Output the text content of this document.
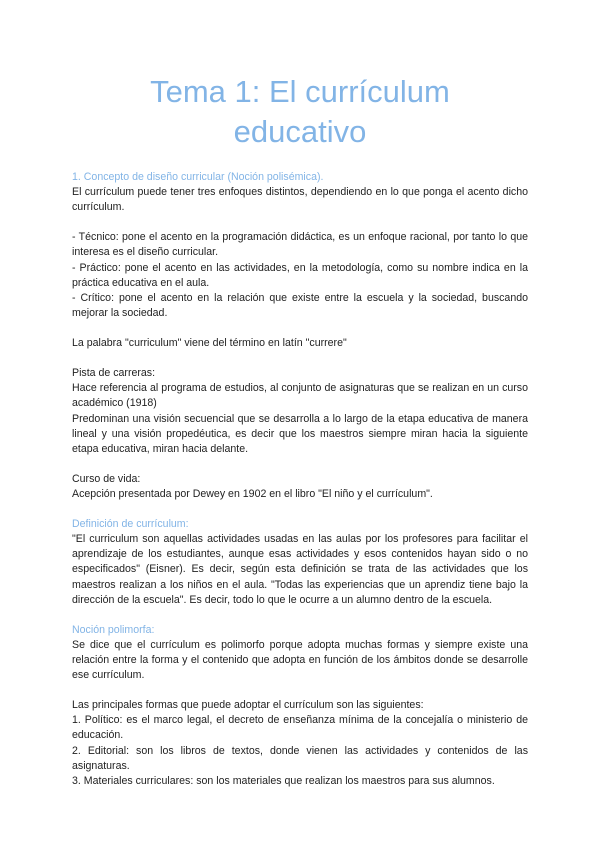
Tema 1: El currículum
educativo

1. Concepto de diseño curricular (Noción polisémica).

El currículum puede tener tres enfoques distintos, dependiendo en lo que ponga el acento dicho currículum.

- Técnico: pone el acento en la programación didáctica, es un enfoque racional, por tanto lo que interesa es el diseño curricular.

- Práctico: pone el acento en las actividades, en la metodología, como su nombre indica en la práctica educativa en el aula.

- Crítico: pone el acento en la relación que existe entre la escuela y la sociedad, buscando mejorar la sociedad.

La palabra "curriculum" viene del término en latín "currere"

Pista de carreras:

Hace referencia al programa de estudios, al conjunto de asignaturas que se realizan en un curso académico (1918)

Predominan una visión secuencial que se desarrolla a lo largo de la etapa educativa de manera lineal y una visión propedéutica, es decir que los maestros siempre miran hacia la siguiente etapa educativa, miran hacia delante.

Curso de vida:

Acepción presentada por Dewey en 1902 en el libro "El niño y el currículum".

Definición de currículum:

"El curriculum son aquellas actividades usadas en las aulas por los profesores para facilitar el aprendizaje de los estudiantes, aunque esas actividades y esos contenidos hayan sido o no especificados" (Eisner). Es decir, según esta definición se trata de las actividades que los maestros realizan a los niños en el aula. "Todas las experiencias que un aprendiz tiene bajo la dirección de la escuela". Es decir, todo lo que le ocurre a un alumno dentro de la escuela.

Noción polimorfa:

Se dice que el currículum es polimorfo porque adopta muchas formas y siempre existe una relación entre la forma y el contenido que adopta en función de los ámbitos donde se desarrolle ese currículum.

Las principales formas que puede adoptar el currículum son las siguientes:

1. Político: es el marco legal, el decreto de enseñanza mínima de la concejalía o ministerio de educación.

2. Editorial: son los libros de textos, donde vienen las actividades y contenidos de las asignaturas.

3. Materiales curriculares: son los materiales que realizan los maestros para sus alumnos.
